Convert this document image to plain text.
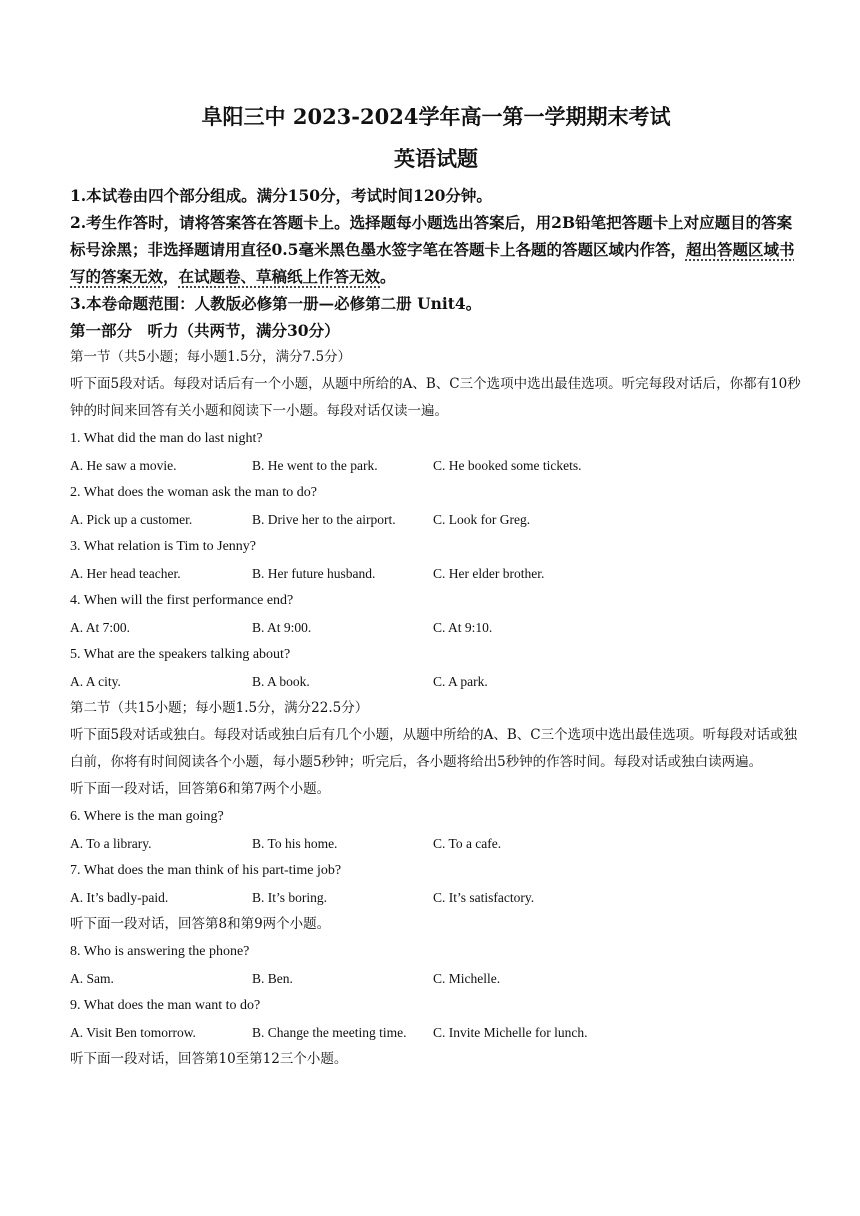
阜阳三中 2023-2024学年高一第一学期期末考试
英语试题

1.本试卷由四个部分组成。满分150分，考试时间120分钟。

2.考生作答时，请将答案答在答题卡上。选择题每小题选出答案后，用2B铅笔把答题卡上对应题目的答案标号涂黑；非选择题请用直径0.5毫米黑色墨水签字笔在答题卡上各题的答题区域内作答，超出答题区域书写的答案无效，在试题卷、草稿纸上作答无效。

3.本卷命题范围：人教版必修第一册—必修第二册 Unit4。

第一部分　听力（共两节，满分30分）

第一节（共5小题；每小题1.5分，满分7.5分）

听下面5段对话。每段对话后有一个小题，从题中所给的A、B、C三个选项中选出最佳选项。听完每段对话后，你都有10秒钟的时间来回答有关小题和阅读下一小题。每段对话仅读一遍。

1. What did the man do last night?

A. He saw a movie.	B. He went to the park.	C. He booked some tickets.

2. What does the woman ask the man to do?

A. Pick up a customer.	B. Drive her to the airport.	C. Look for Greg.

3. What relation is Tim to Jenny?

A. Her head teacher.	B. Her future husband.	C. Her elder brother.

4. When will the first performance end?

A. At 7:00.	B. At 9:00.	C. At 9:10.

5. What are the speakers talking about?

A. A city.	B. A book.	C. A park.

第二节（共15小题；每小题1.5分，满分22.5分）

听下面5段对话或独白。每段对话或独白后有几个小题，从题中所给的A、B、C三个选项中选出最佳选项。听每段对话或独白前，你将有时间阅读各个小题，每小题5秒钟；听完后，各小题将给出5秒钟的作答时间。每段对话或独白读两遍。

听下面一段对话，回答第6和第7两个小题。

6. Where is the man going?

A. To a library.	B. To his home.	C. To a cafe.

7. What does the man think of his part-time job?

A. It’s badly-paid.	B. It’s boring.	C. It’s satisfactory.

听下面一段对话，回答第8和第9两个小题。

8. Who is answering the phone?

A. Sam.	B. Ben.	C. Michelle.

9. What does the man want to do?

A. Visit Ben tomorrow.	B. Change the meeting time.	C. Invite Michelle for lunch.

听下面一段对话，回答第10至第12三个小题。
